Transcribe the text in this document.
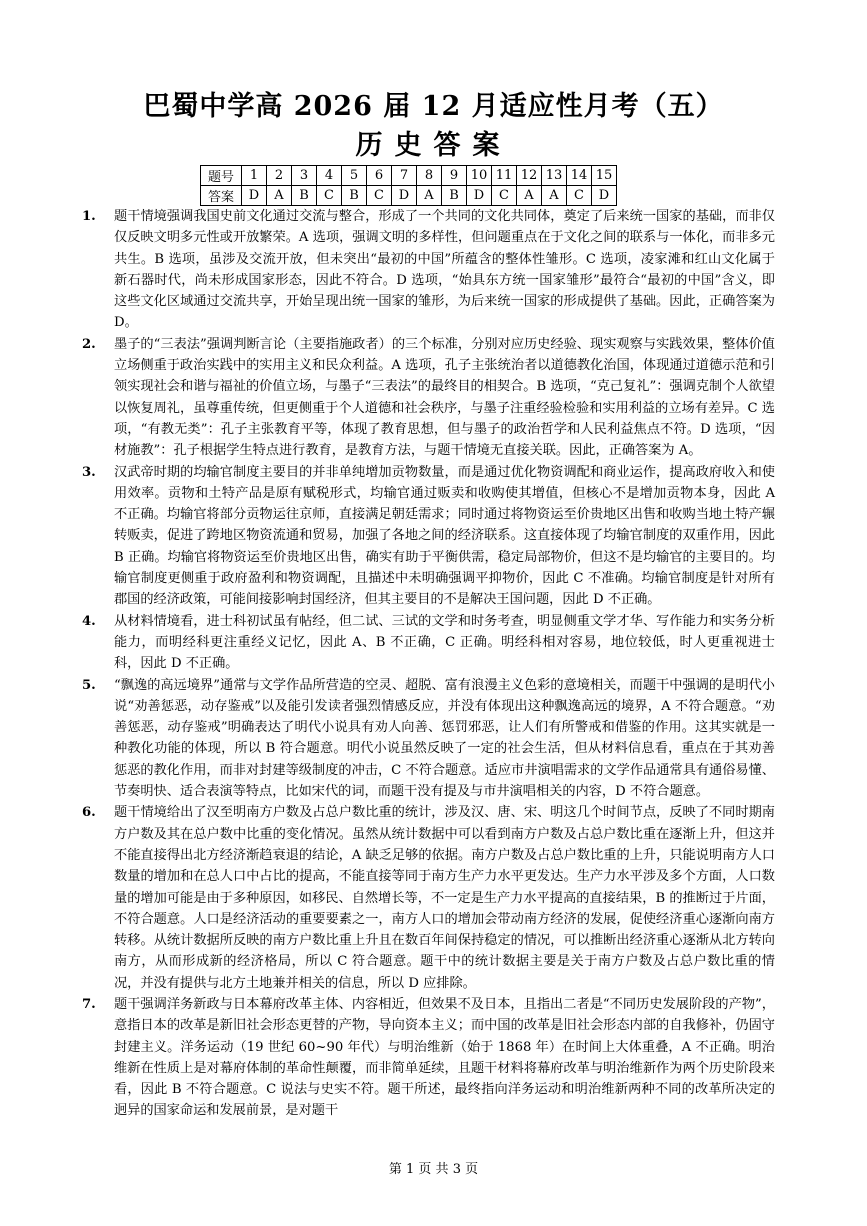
巴蜀中学高 2026 届 12 月适应性月考（五）
历史答案
题号	1	2	3	4	5	6	7	8	9	10	11	12	13	14	15
答案	D	A	B	C	B	C	D	A	B	D	C	A	A	C	D
1. 题干情境强调我国史前文化通过交流与整合，形成了一个共同的文化共同体，奠定了后来统一国家的基础，而非仅仅反映文明多元性或开放繁荣。A 选项，强调文明的多样性，但问题重点在于文化之间的联系与一体化，而非多元共生。B 选项，虽涉及交流开放，但未突出“最初的中国”所蕴含的整体性雏形。C 选项，凌家滩和红山文化属于新石器时代，尚未形成国家形态，因此不符合。D 选项，“始具东方统一国家雏形”最符合“最初的中国”含义，即这些文化区域通过交流共享，开始呈现出统一国家的雏形，为后来统一国家的形成提供了基础。因此，正确答案为 D。
2. 墨子的“三表法”强调判断言论（主要指施政者）的三个标准，分别对应历史经验、现实观察与实践效果，整体价值立场侧重于政治实践中的实用主义和民众利益。A 选项，孔子主张统治者以道德教化治国，体现通过道德示范和引领实现社会和谐与福祉的价值立场，与墨子“三表法”的最终目的相契合。B 选项，“克己复礼”：强调克制个人欲望以恢复周礼，虽尊重传统，但更侧重于个人道德和社会秩序，与墨子注重经验检验和实用利益的立场有差异。C 选项，“有教无类”：孔子主张教育平等，体现了教育思想，但与墨子的政治哲学和人民利益焦点不符。D 选项，“因材施教”：孔子根据学生特点进行教育，是教育方法，与题干情境无直接关联。因此，正确答案为 A。
3. 汉武帝时期的均输官制度主要目的并非单纯增加贡物数量，而是通过优化物资调配和商业运作，提高政府收入和使用效率。贡物和土特产品是原有赋税形式，均输官通过贩卖和收购使其增值，但核心不是增加贡物本身，因此 A 不正确。均输官将部分贡物运往京师，直接满足朝廷需求；同时通过将物资运至价贵地区出售和收购当地土特产辗转贩卖，促进了跨地区物资流通和贸易，加强了各地之间的经济联系。这直接体现了均输官制度的双重作用，因此 B 正确。均输官将物资运至价贵地区出售，确实有助于平衡供需，稳定局部物价，但这不是均输官的主要目的。均输官制度更侧重于政府盈利和物资调配，且描述中未明确强调平抑物价，因此 C 不准确。均输官制度是针对所有郡国的经济政策，可能间接影响封国经济，但其主要目的不是解决王国问题，因此 D 不正确。
4. 从材料情境看，进士科初试虽有帖经，但二试、三试的文学和时务考查，明显侧重文学才华、写作能力和实务分析能力，而明经科更注重经义记忆，因此 A、B 不正确，C 正确。明经科相对容易，地位较低，时人更重视进士科，因此 D 不正确。
5. “飘逸的高远境界”通常与文学作品所营造的空灵、超脱、富有浪漫主义色彩的意境相关，而题干中强调的是明代小说“劝善惩恶，动存鉴戒”以及能引发读者强烈情感反应，并没有体现出这种飘逸高远的境界，A 不符合题意。“劝善惩恶，动存鉴戒”明确表达了明代小说具有劝人向善、惩罚邪恶，让人们有所警戒和借鉴的作用。这其实就是一种教化功能的体现，所以 B 符合题意。明代小说虽然反映了一定的社会生活，但从材料信息看，重点在于其劝善惩恶的教化作用，而非对封建等级制度的冲击，C 不符合题意。适应市井演唱需求的文学作品通常具有通俗易懂、节奏明快、适合表演等特点，比如宋代的词，而题干没有提及与市井演唱相关的内容，D 不符合题意。
6. 题干情境给出了汉至明南方户数及占总户数比重的统计，涉及汉、唐、宋、明这几个时间节点，反映了不同时期南方户数及其在总户数中比重的变化情况。虽然从统计数据中可以看到南方户数及占总户数比重在逐渐上升，但这并不能直接得出北方经济渐趋衰退的结论，A 缺乏足够的依据。南方户数及占总户数比重的上升，只能说明南方人口数量的增加和在总人口中占比的提高，不能直接等同于南方生产力水平更发达。生产力水平涉及多个方面，人口数量的增加可能是由于多种原因，如移民、自然增长等，不一定是生产力水平提高的直接结果，B 的推断过于片面，不符合题意。人口是经济活动的重要要素之一，南方人口的增加会带动南方经济的发展，促使经济重心逐渐向南方转移。从统计数据所反映的南方户数比重上升且在数百年间保持稳定的情况，可以推断出经济重心逐渐从北方转向南方，从而形成新的经济格局，所以 C 符合题意。题干中的统计数据主要是关于南方户数及占总户数比重的情况，并没有提供与北方土地兼并相关的信息，所以 D 应排除。
7. 题干强调洋务新政与日本幕府改革主体、内容相近，但效果不及日本，且指出二者是“不同历史发展阶段的产物”，意指日本的改革是新旧社会形态更替的产物，导向资本主义；而中国的改革是旧社会形态内部的自我修补，仍固守封建主义。洋务运动（19 世纪 60~90 年代）与明治维新（始于 1868 年）在时间上大体重叠，A 不正确。明治维新在性质上是对幕府体制的革命性颠覆，而非简单延续，且题干材料将幕府改革与明治维新作为两个历史阶段来看，因此 B 不符合题意。C 说法与史实不符。题干所述，最终指向洋务运动和明治维新两种不同的改革所决定的迥异的国家命运和发展前景，是对题干
第 1 页 共 3 页
